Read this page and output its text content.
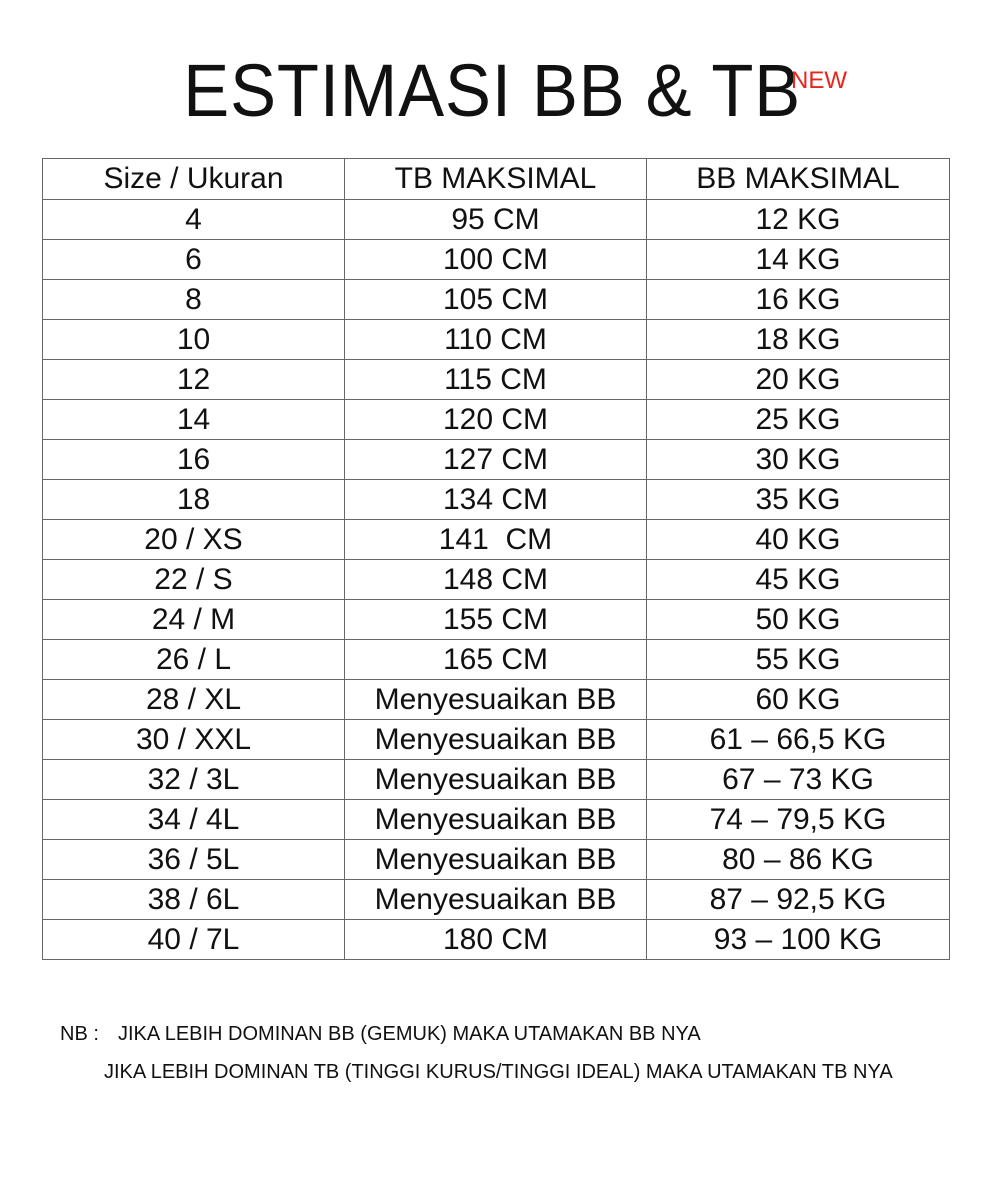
ESTIMASI BB & TB
NEW
Size / Ukuran	TB MAKSIMAL	BB MAKSIMAL
4	95 CM	12 KG
6	100 CM	14 KG
8	105 CM	16 KG
10	110 CM	18 KG
12	115 CM	20 KG
14	120 CM	25 KG
16	127 CM	30 KG
18	134 CM	35 KG
20 / XS	141  CM	40 KG
22 / S	148 CM	45 KG
24 / M	155 CM	50 KG
26 / L	165 CM	55 KG
28 / XL	Menyesuaikan BB	60 KG
30 / XXL	Menyesuaikan BB	61 – 66,5 KG
32 / 3L	Menyesuaikan BB	67 – 73 KG
34 / 4L	Menyesuaikan BB	74 – 79,5 KG
36 / 5L	Menyesuaikan BB	80 – 86 KG
38 / 6L	Menyesuaikan BB	87 – 92,5 KG
40 / 7L	180 CM	93 – 100 KG
NB : JIKA LEBIH DOMINAN BB (GEMUK) MAKA UTAMAKAN BB NYA
JIKA LEBIH DOMINAN TB (TINGGI KURUS/TINGGI IDEAL) MAKA UTAMAKAN TB NYA
